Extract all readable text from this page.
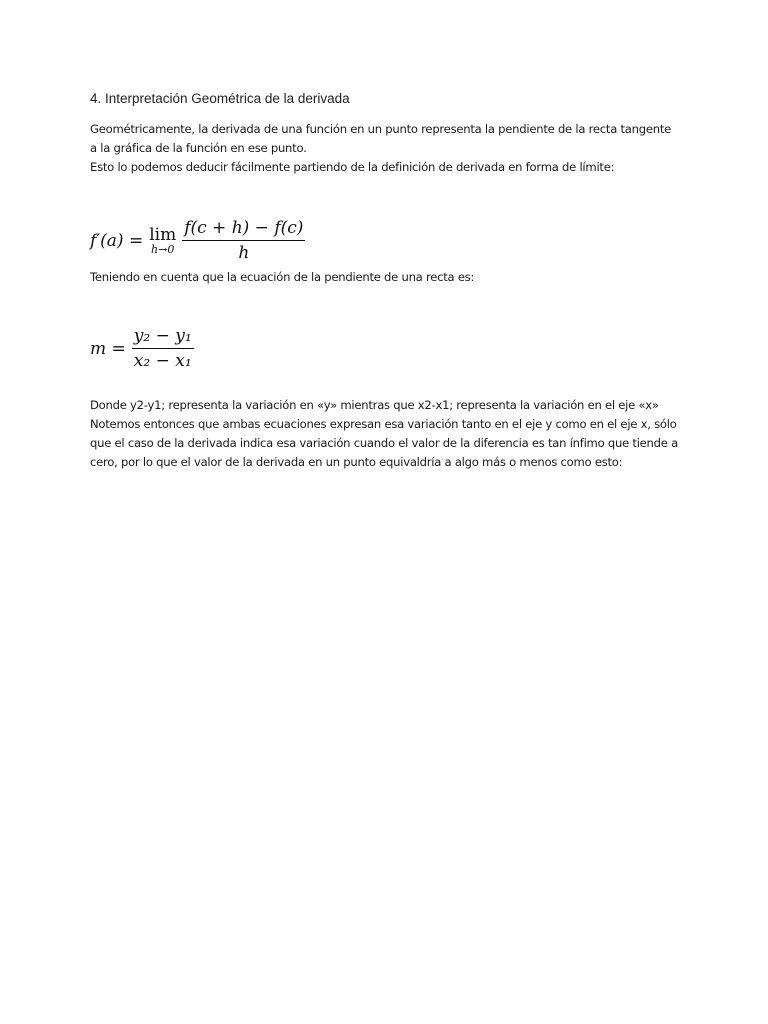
4. Interpretación Geométrica de la derivada
Geométricamente, la derivada de una función en un punto representa la pendiente de la recta tangente
a la gráfica de la función en ese punto.
Esto lo podemos deducir fácilmente partiendo de la definición de derivada en forma de límite:
f′(a) = lim
$h\to 0 \frac{f(c + h) - f(c)}{h}$
Teniendo en cuenta que la ecuación de la pendiente de una recta es:
$m = \frac{\text{y₂ − y₁}}{\text{x₂ − x₁}}$
Donde y2-y1; representa la variación en «y» mientras que x2-x1; representa la variación en el eje «x»
Notemos entonces que ambas ecuaciones expresan esa variación tanto en el eje y como en el eje x, sólo
que el caso de la derivada indica esa variación cuando el valor de la diferencia es tan ínfimo que tiende a
cero, por lo que el valor de la derivada en un punto equivaldría a algo más o menos como esto:
